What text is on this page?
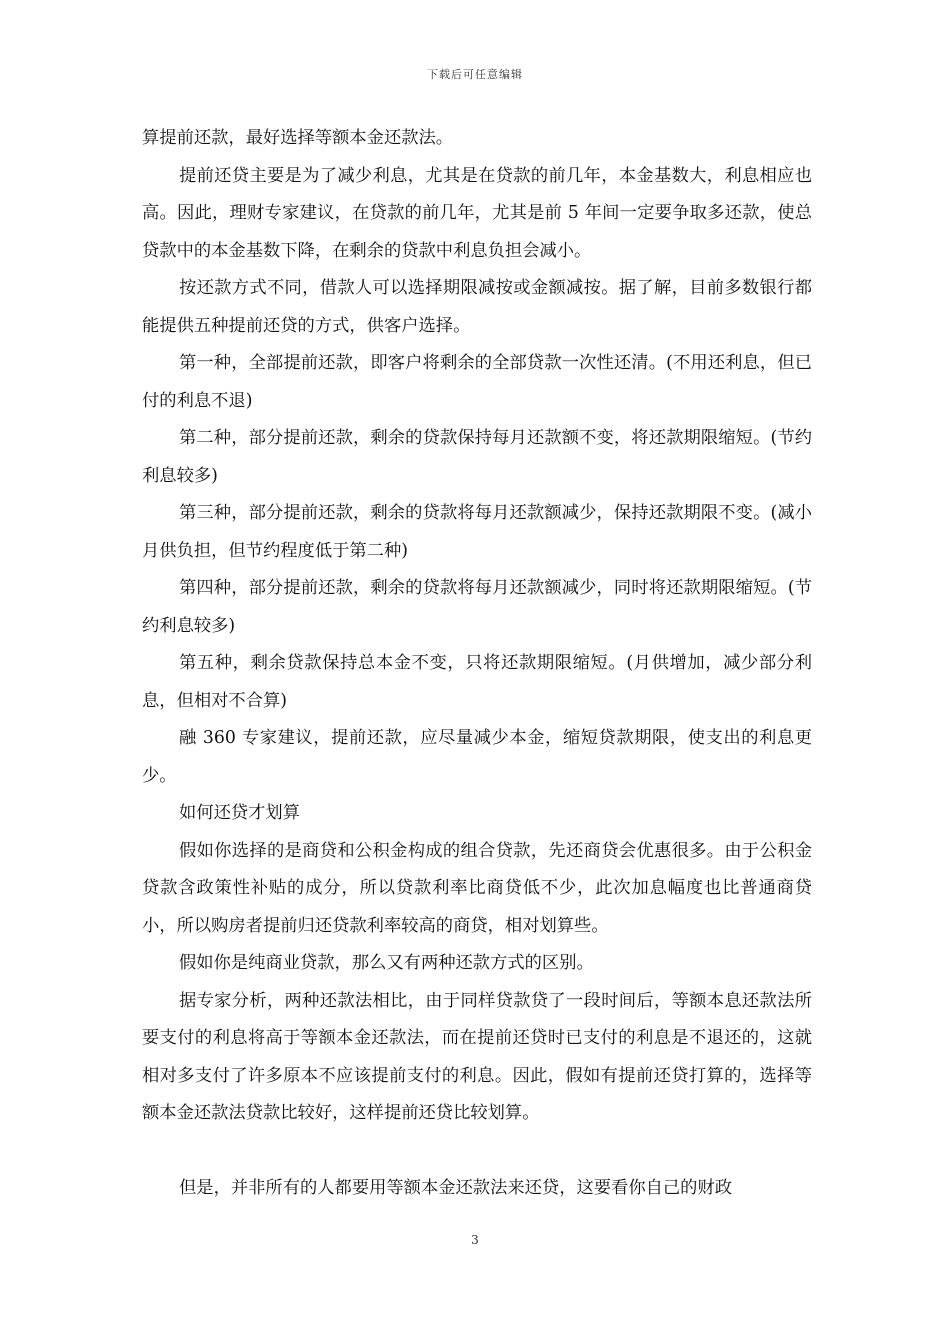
下载后可任意编辑

算提前还款，最好选择等额本金还款法。

提前还贷主要是为了减少利息，尤其是在贷款的前几年，本金基数大，利息相应也高。因此，理财专家建议，在贷款的前几年，尤其是前 5 年间一定要争取多还款，使总贷款中的本金基数下降，在剩余的贷款中利息负担会减小。

按还款方式不同，借款人可以选择期限减按或金额减按。据了解，目前多数银行都能提供五种提前还贷的方式，供客户选择。

第一种，全部提前还款，即客户将剩余的全部贷款一次性还清。(不用还利息，但已付的利息不退)

第二种，部分提前还款，剩余的贷款保持每月还款额不变，将还款期限缩短。(节约利息较多)

第三种，部分提前还款，剩余的贷款将每月还款额减少，保持还款期限不变。(减小月供负担，但节约程度低于第二种)

第四种，部分提前还款，剩余的贷款将每月还款额减少，同时将还款期限缩短。(节约利息较多)

第五种，剩余贷款保持总本金不变，只将还款期限缩短。(月供增加，减少部分利息，但相对不合算)

融 360 专家建议，提前还款，应尽量减少本金，缩短贷款期限，使支出的利息更少。

如何还贷才划算

假如你选择的是商贷和公积金构成的组合贷款，先还商贷会优惠很多。由于公积金贷款含政策性补贴的成分，所以贷款利率比商贷低不少，此次加息幅度也比普通商贷小，所以购房者提前归还贷款利率较高的商贷，相对划算些。

假如你是纯商业贷款，那么又有两种还款方式的区别。

据专家分析，两种还款法相比，由于同样贷款贷了一段时间后，等额本息还款法所要支付的利息将高于等额本金还款法，而在提前还贷时已支付的利息是不退还的，这就相对多支付了许多原本不应该提前支付的利息。因此，假如有提前还贷打算的，选择等额本金还款法贷款比较好，这样提前还贷比较划算。

但是，并非所有的人都要用等额本金还款法来还贷，这要看你自己的财政

3
